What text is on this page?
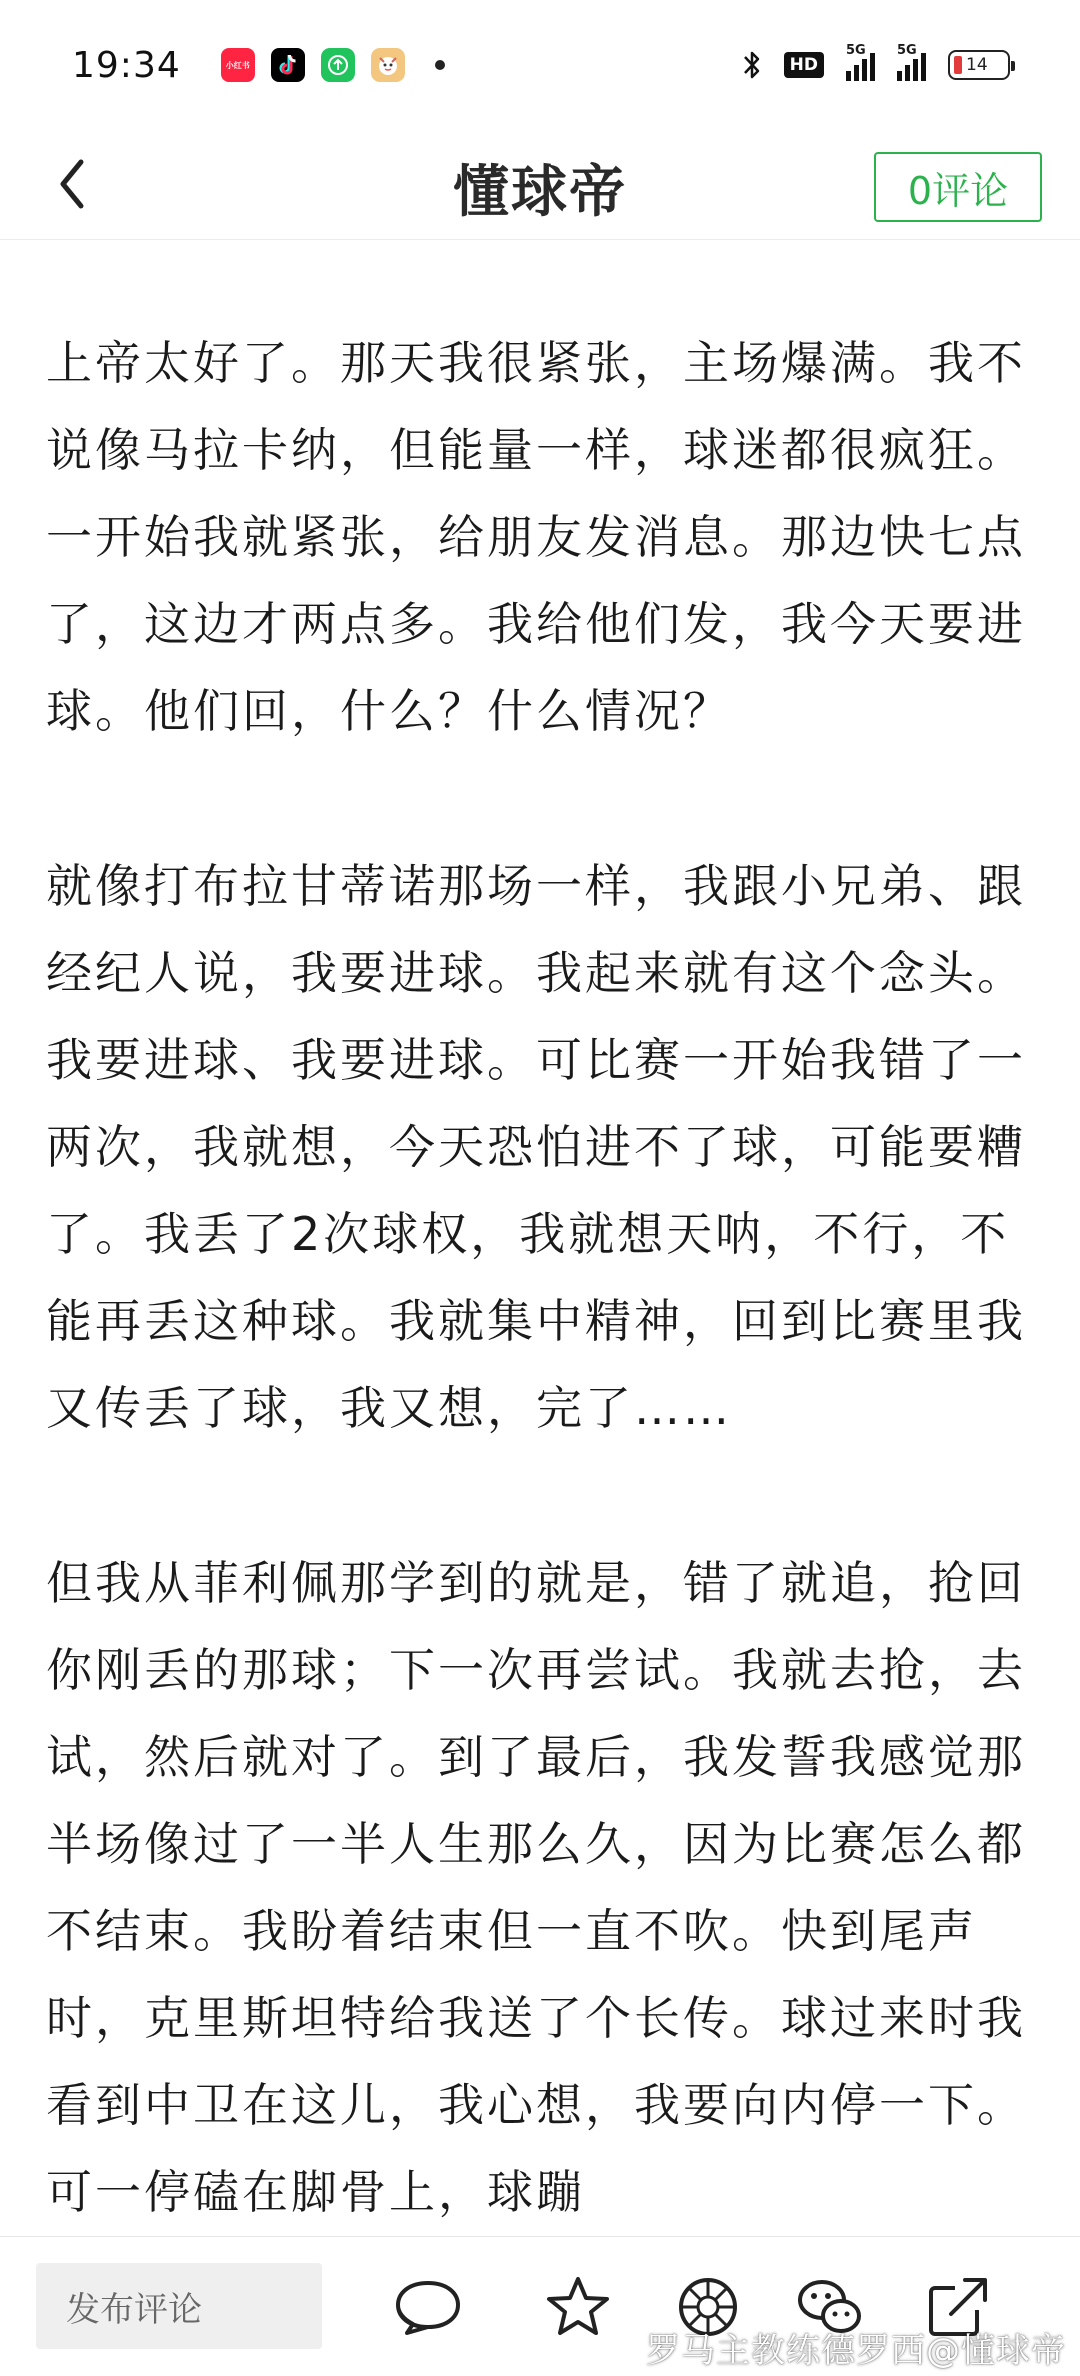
19:34	小红书	HD
5G 5G
14
懂球帝	0评论

上帝太好了。那天我很紧张，主场爆满。我不说像马拉卡纳，但能量一样，球迷都很疯狂。一开始我就紧张，给朋友发消息。那边快七点了，这边才两点多。我给他们发，我今天要进球。他们回，什么？什么情况？

就像打布拉甘蒂诺那场一样，我跟小兄弟、跟经纪人说，我要进球。我起来就有这个念头。我要进球、我要进球。可比赛一开始我错了一两次，我就想，今天恐怕进不了球，可能要糟了。我丢了2次球权，我就想天呐，不行，不能再丢这种球。我就集中精神，回到比赛里我又传丢了球，我又想，完了……

但我从菲利佩那学到的就是，错了就追，抢回你刚丢的那球；下一次再尝试。我就去抢，去试，然后就对了。到了最后，我发誓我感觉那半场像过了一半人生那么久，因为比赛怎么都不结束。我盼着结束但一直不吹。快到尾声时，克里斯坦特给我送了个长传。球过来时我看到中卫在这儿，我心想，我要向内停一下。可一停磕在脚骨上，球蹦

发布评论
罗马主教练德罗西@懂球帝
